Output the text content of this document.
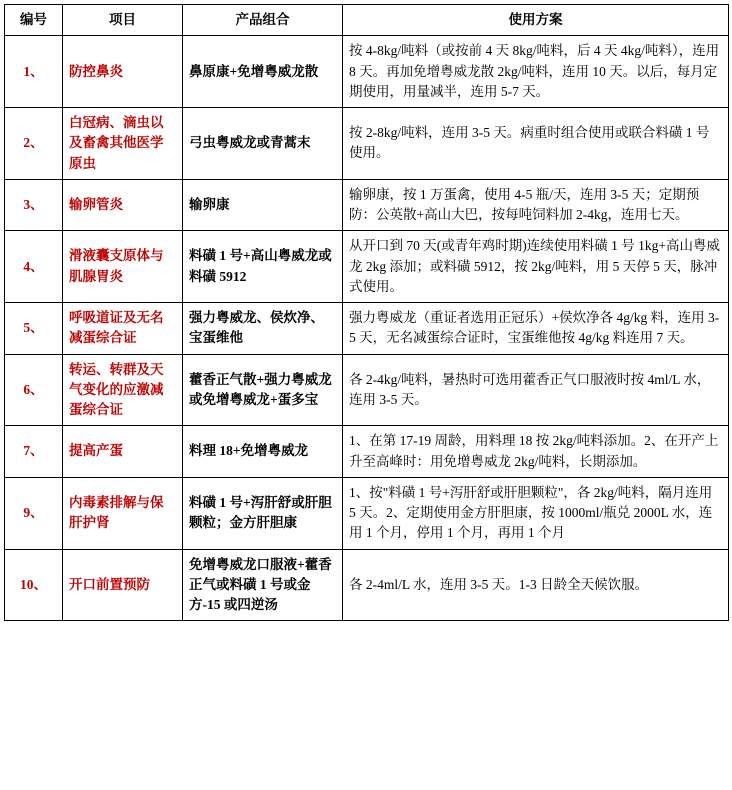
编号	项目	产品组合	使用方案
1、	防控鼻炎	鼻原康+免增粤威龙散	按 4-8kg/吨料（或按前 4 天 8kg/吨料，后 4 天 4kg/吨料），连用 8 天。再加免增粤威龙散 2kg/吨料，连用 10 天。以后，每月定期使用，用量减半，连用 5-7 天。
2、	白冠病、滴虫以及畜禽其他医学原虫	弓虫粤威龙或青蒿末	按 2-8kg/吨料，连用 3-5 天。病重时组合使用或联合料磺 1 号使用。
3、	输卵管炎	输卵康	输卵康，按 1 万蛋禽，使用 4-5 瓶/天，连用 3-5 天；定期预防：公英散+高山大巴，按每吨饲料加 2-4kg，连用七天。
4、	滑液囊支原体与肌腺胃炎	料磺 1 号+高山粤威龙或料磺 5912	从开口到 70 天(或青年鸡时期)连续使用料磺 1 号 1kg+高山粤威龙 2kg 添加；或料磺 5912，按 2kg/吨料，用 5 天停 5 天，脉冲式使用。
5、	呼吸道证及无名减蛋综合证	强力粤威龙、侯炊净、宝蛋维他	强力粤威龙（重证者选用正冠乐）+侯炊净各 4g/kg 料，连用 3-5 天，无名减蛋综合证时，宝蛋维他按 4g/kg 料连用 7 天。
6、	转运、转群及天气变化的应激减蛋综合证	藿香正气散+强力粤威龙或免增粤威龙+蛋多宝	各 2-4kg/吨料，暑热时可选用藿香正气口服液时按 4ml/L 水，连用 3-5 天。
7、	提高产蛋	料理 18+免增粤威龙	1、在第 17-19 周龄，用料理 18 按 2kg/吨料添加。2、在开产上升至高峰时：用免增粤威龙 2kg/吨料，长期添加。
9、	内毒素排解与保肝护肾	料磺 1 号+泻肝舒或肝胆颗粒；金方肝胆康	1、按"料磺 1 号+泻肝舒或肝胆颗粒"，各 2kg/吨料，隔月连用 5 天。2、定期使用金方肝胆康，按 1000ml/瓶兑 2000L 水，连用 1 个月，停用 1 个月，再用 1 个月
10、	开口前置预防	免增粤威龙口服液+藿香正气或料磺 1 号或金方-15 或四逆汤	各 2-4ml/L 水，连用 3-5 天。1-3 日龄全天候饮服。
